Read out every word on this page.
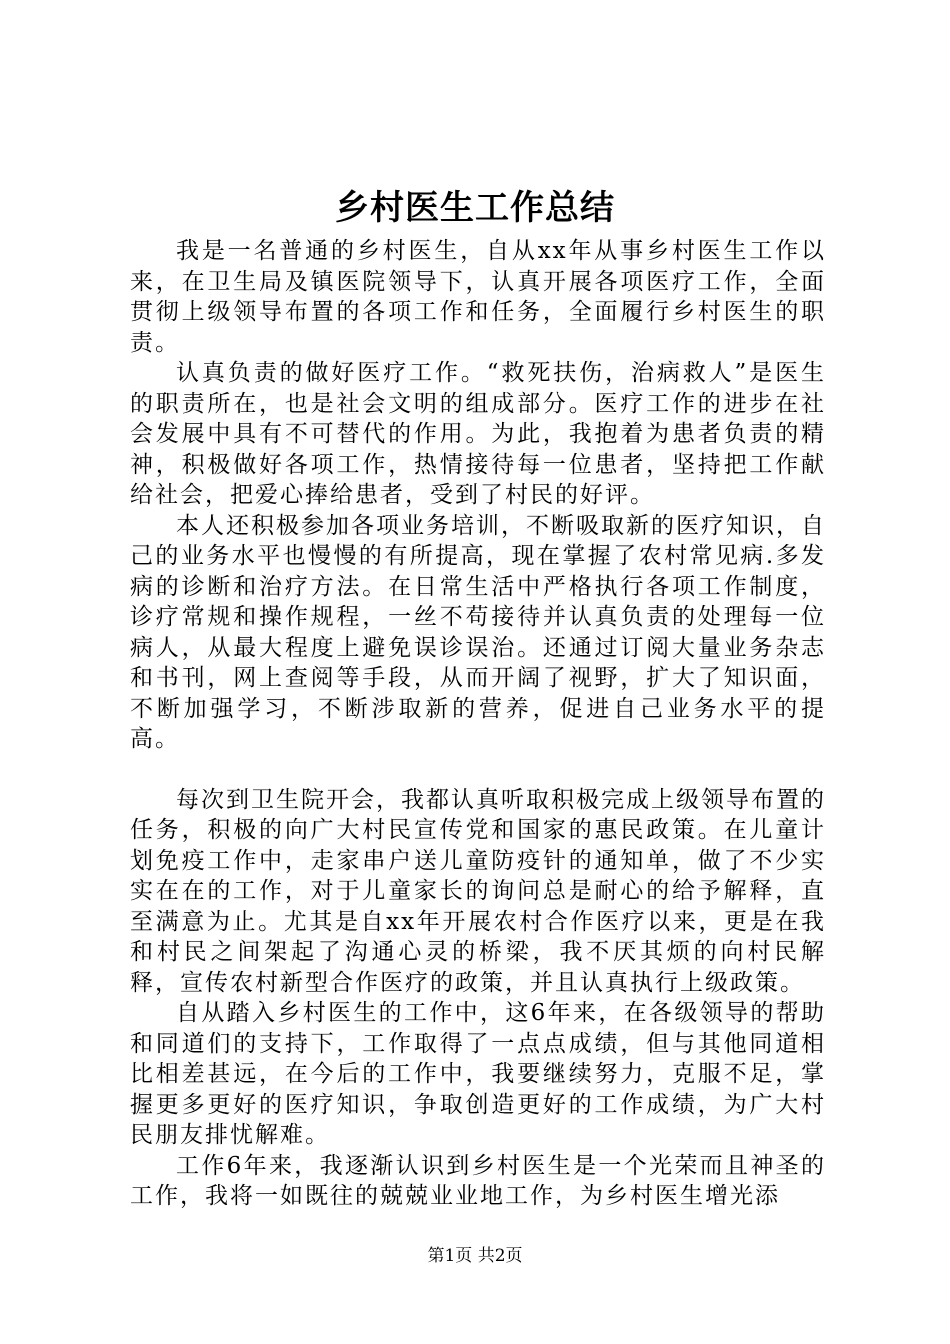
乡村医生工作总结

我是一名普通的乡村医生，自从xx年从事乡村医生工作以来，在卫生局及镇医院领导下，认真开展各项医疗工作，全面贯彻上级领导布置的各项工作和任务，全面履行乡村医生的职责。

认真负责的做好医疗工作。“救死扶伤，治病救人”是医生的职责所在，也是社会文明的组成部分。医疗工作的进步在社会发展中具有不可替代的作用。为此，我抱着为患者负责的精神，积极做好各项工作，热情接待每一位患者，坚持把工作献给社会，把爱心捧给患者，受到了村民的好评。

本人还积极参加各项业务培训，不断吸取新的医疗知识，自己的业务水平也慢慢的有所提高，现在掌握了农村常见病.多发病的诊断和治疗方法。在日常生活中严格执行各项工作制度，诊疗常规和操作规程，一丝不苟接待并认真负责的处理每一位病人，从最大程度上避免误诊误治。还通过订阅大量业务杂志和书刊，网上查阅等手段，从而开阔了视野，扩大了知识面，不断加强学习，不断涉取新的营养，促进自己业务水平的提高。

每次到卫生院开会，我都认真听取积极完成上级领导布置的任务，积极的向广大村民宣传党和国家的惠民政策。在儿童计划免疫工作中，走家串户送儿童防疫针的通知单，做了不少实实在在的工作，对于儿童家长的询问总是耐心的给予解释，直至满意为止。尤其是自xx年开展农村合作医疗以来，更是在我和村民之间架起了沟通心灵的桥梁，我不厌其烦的向村民解释，宣传农村新型合作医疗的政策，并且认真执行上级政策。

自从踏入乡村医生的工作中，这6年来，在各级领导的帮助和同道们的支持下，工作取得了一点点成绩，但与其他同道相比相差甚远，在今后的工作中，我要继续努力，克服不足，掌握更多更好的医疗知识，争取创造更好的工作成绩，为广大村民朋友排忧解难。

工作6年来，我逐渐认识到乡村医生是一个光荣而且神圣的工作，我将一如既往的兢兢业业地工作，为乡村医生增光添

第1页 共2页
